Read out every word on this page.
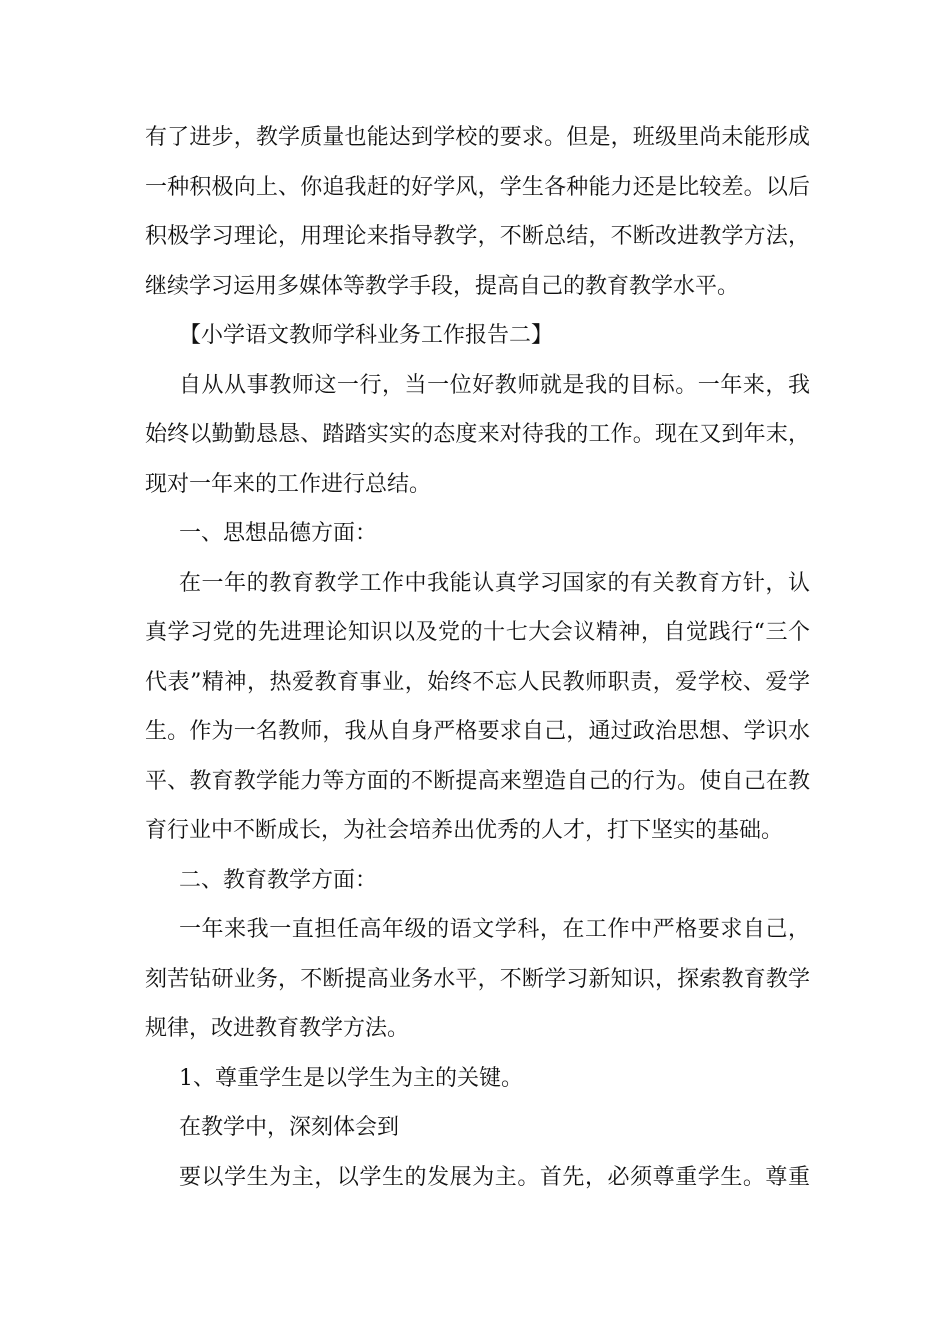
有了进步，教学质量也能达到学校的要求。但是，班级里尚未能形成
一种积极向上、你追我赶的好学风，学生各种能力还是比较差。以后
积极学习理论，用理论来指导教学，不断总结，不断改进教学方法，
继续学习运用多媒体等教学手段，提高自己的教育教学水平。
【小学语文教师学科业务工作报告二】
自从从事教师这一行，当一位好教师就是我的目标。一年来，我
始终以勤勤恳恳、踏踏实实的态度来对待我的工作。现在又到年末，
现对一年来的工作进行总结。
一、思想品德方面：
在一年的教育教学工作中我能认真学习国家的有关教育方针，认
真学习党的先进理论知识以及党的十七大会议精神，自觉践行“三个
代表”精神，热爱教育事业，始终不忘人民教师职责，爱学校、爱学
生。作为一名教师，我从自身严格要求自己，通过政治思想、学识水
平、教育教学能力等方面的不断提高来塑造自己的行为。使自己在教
育行业中不断成长，为社会培养出优秀的人才，打下坚实的基础。
二、教育教学方面：
一年来我一直担任高年级的语文学科，在工作中严格要求自己，
刻苦钻研业务，不断提高业务水平，不断学习新知识，探索教育教学
规律，改进教育教学方法。
1、尊重学生是以学生为主的关键。
在教学中，深刻体会到
要以学生为主，以学生的发展为主。首先，必须尊重学生。尊重
